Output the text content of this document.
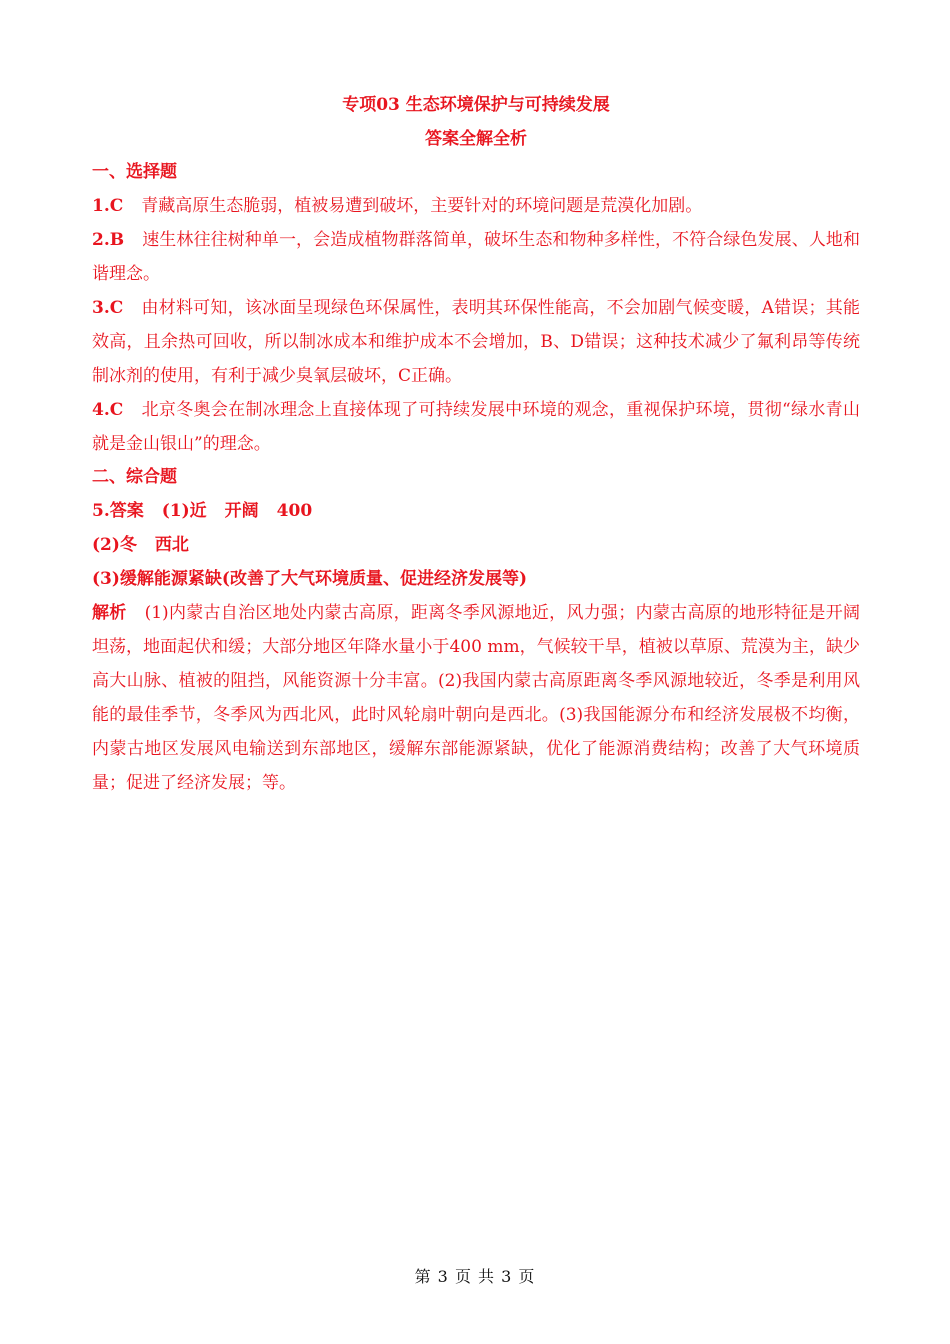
专项03 生态环境保护与可持续发展

答案全解全析

一、选择题

1.C 青藏高原生态脆弱，植被易遭到破坏，主要针对的环境问题是荒漠化加剧。

2.B 速生林往往树种单一，会造成植物群落简单，破坏生态和物种多样性，不符合绿色发展、人地和谐理念。

3.C 由材料可知，该冰面呈现绿色环保属性，表明其环保性能高，不会加剧气候变暖，A错误；其能效高，且余热可回收，所以制冰成本和维护成本不会增加，B、D错误；这种技术减少了氟利昂等传统制冰剂的使用，有利于减少臭氧层破坏，C正确。

4.C 北京冬奥会在制冰理念上直接体现了可持续发展中环境的观念，重视保护环境，贯彻“绿水青山就是金山银山”的理念。

二、综合题

5.答案 (1)近 开阔 400

(2)冬 西北

(3)缓解能源紧缺(改善了大气环境质量、促进经济发展等)

解析 (1)内蒙古自治区地处内蒙古高原，距离冬季风源地近，风力强；内蒙古高原的地形特征是开阔坦荡，地面起伏和缓；大部分地区年降水量小于400 mm，气候较干旱，植被以草原、荒漠为主，缺少高大山脉、植被的阻挡，风能资源十分丰富。(2)我国内蒙古高原距离冬季风源地较近，冬季是利用风能的最佳季节，冬季风为西北风，此时风轮扇叶朝向是西北。(3)我国能源分布和经济发展极不均衡，内蒙古地区发展风电输送到东部地区，缓解东部能源紧缺，优化了能源消费结构；改善了大气环境质量；促进了经济发展；等。

第 3 页 共 3 页
